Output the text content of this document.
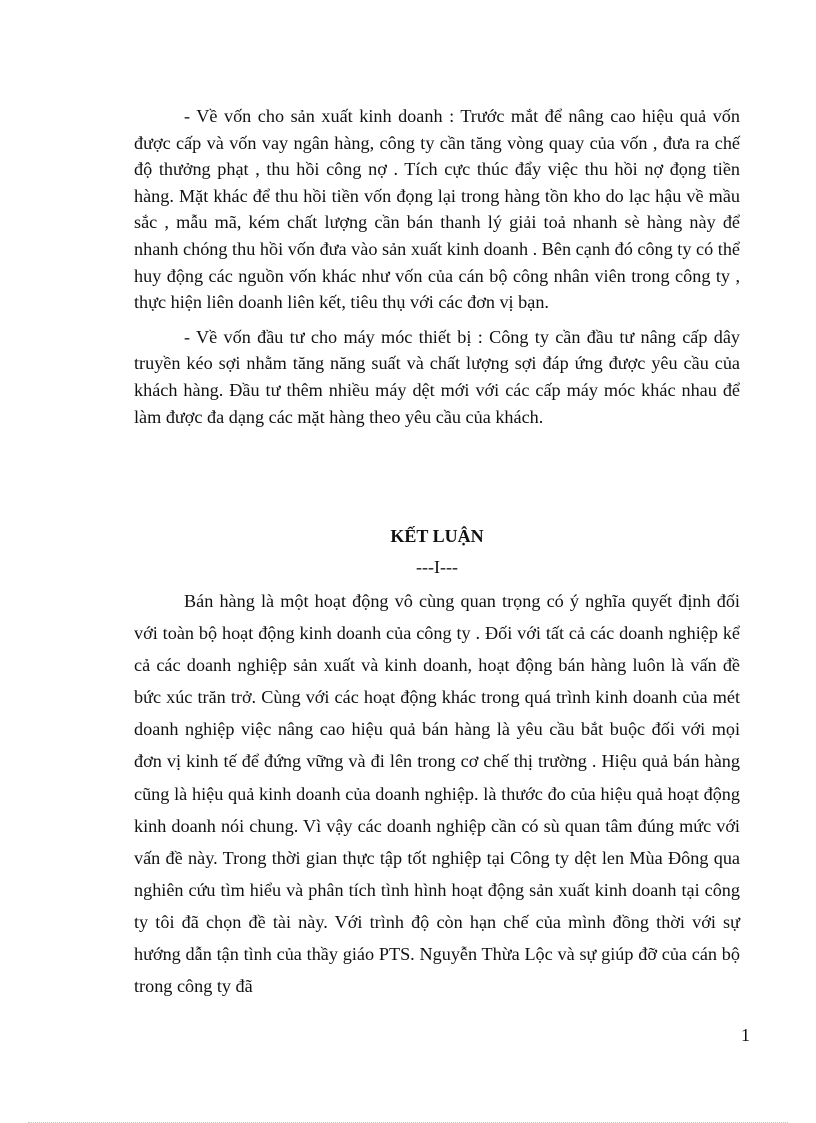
- Về vốn cho sản xuất kinh doanh : Trước mắt để nâng cao hiệu quả vốn được cấp và vốn vay ngân hàng, công ty cần tăng vòng quay của vốn , đưa ra chế độ thưởng phạt , thu hồi công nợ . Tích cực thúc đẩy việc thu hồi nợ đọng tiền hàng. Mặt khác để thu hồi tiền vốn đọng lại trong hàng tồn kho do lạc hậu về mầu sắc , mẫu mã, kém chất lượng cần bán thanh lý giải toả nhanh sè hàng này để nhanh chóng thu hồi vốn đưa vào sản xuất kinh doanh . Bên cạnh đó công ty có thể huy động các nguồn vốn khác như vốn của cán bộ công nhân viên trong công ty , thực hiện liên doanh liên kết, tiêu thụ với các đơn vị bạn.

- Về vốn đầu tư cho máy móc thiết bị : Công ty cần đầu tư nâng cấp dây truyền kéo sợi nhằm tăng năng suất và chất lượng sợi đáp ứng được yêu cầu của khách hàng. Đầu tư thêm nhiều máy dệt mới với các cấp máy móc khác nhau để làm được đa dạng các mặt hàng theo yêu cầu của khách.

KẾT LUẬN

---I---

Bán hàng là một hoạt động vô cùng quan trọng có ý nghĩa quyết định đối với toàn bộ hoạt động kinh doanh của công ty . Đối với tất cả các doanh nghiệp kể cả các doanh nghiệp sản xuất và kinh doanh, hoạt động bán hàng luôn là vấn đề bức xúc trăn trở. Cùng với các hoạt động khác trong quá trình kinh doanh của mét doanh nghiệp việc nâng cao hiệu quả bán hàng là yêu cầu bắt buộc đối với mọi đơn vị kinh tế để đứng vững và đi lên trong cơ chế thị trường . Hiệu quả bán hàng cũng là hiệu quả kinh doanh của doanh nghiệp. là thước đo của hiệu quả hoạt động kinh doanh nói chung. Vì vậy các doanh nghiệp cần có sù quan tâm đúng mức với vấn đề này. Trong thời gian thực tập tốt nghiệp tại Công ty dệt len Mùa Đông qua nghiên cứu tìm hiểu và phân tích tình hình hoạt động sản xuất kinh doanh tại công ty tôi đã chọn đề tài này. Với trình độ còn hạn chế của mình đồng thời với sự hướng dẫn tận tình của thầy giáo PTS. Nguyễn Thừa Lộc và sự giúp đỡ của cán bộ trong công ty đã

1
